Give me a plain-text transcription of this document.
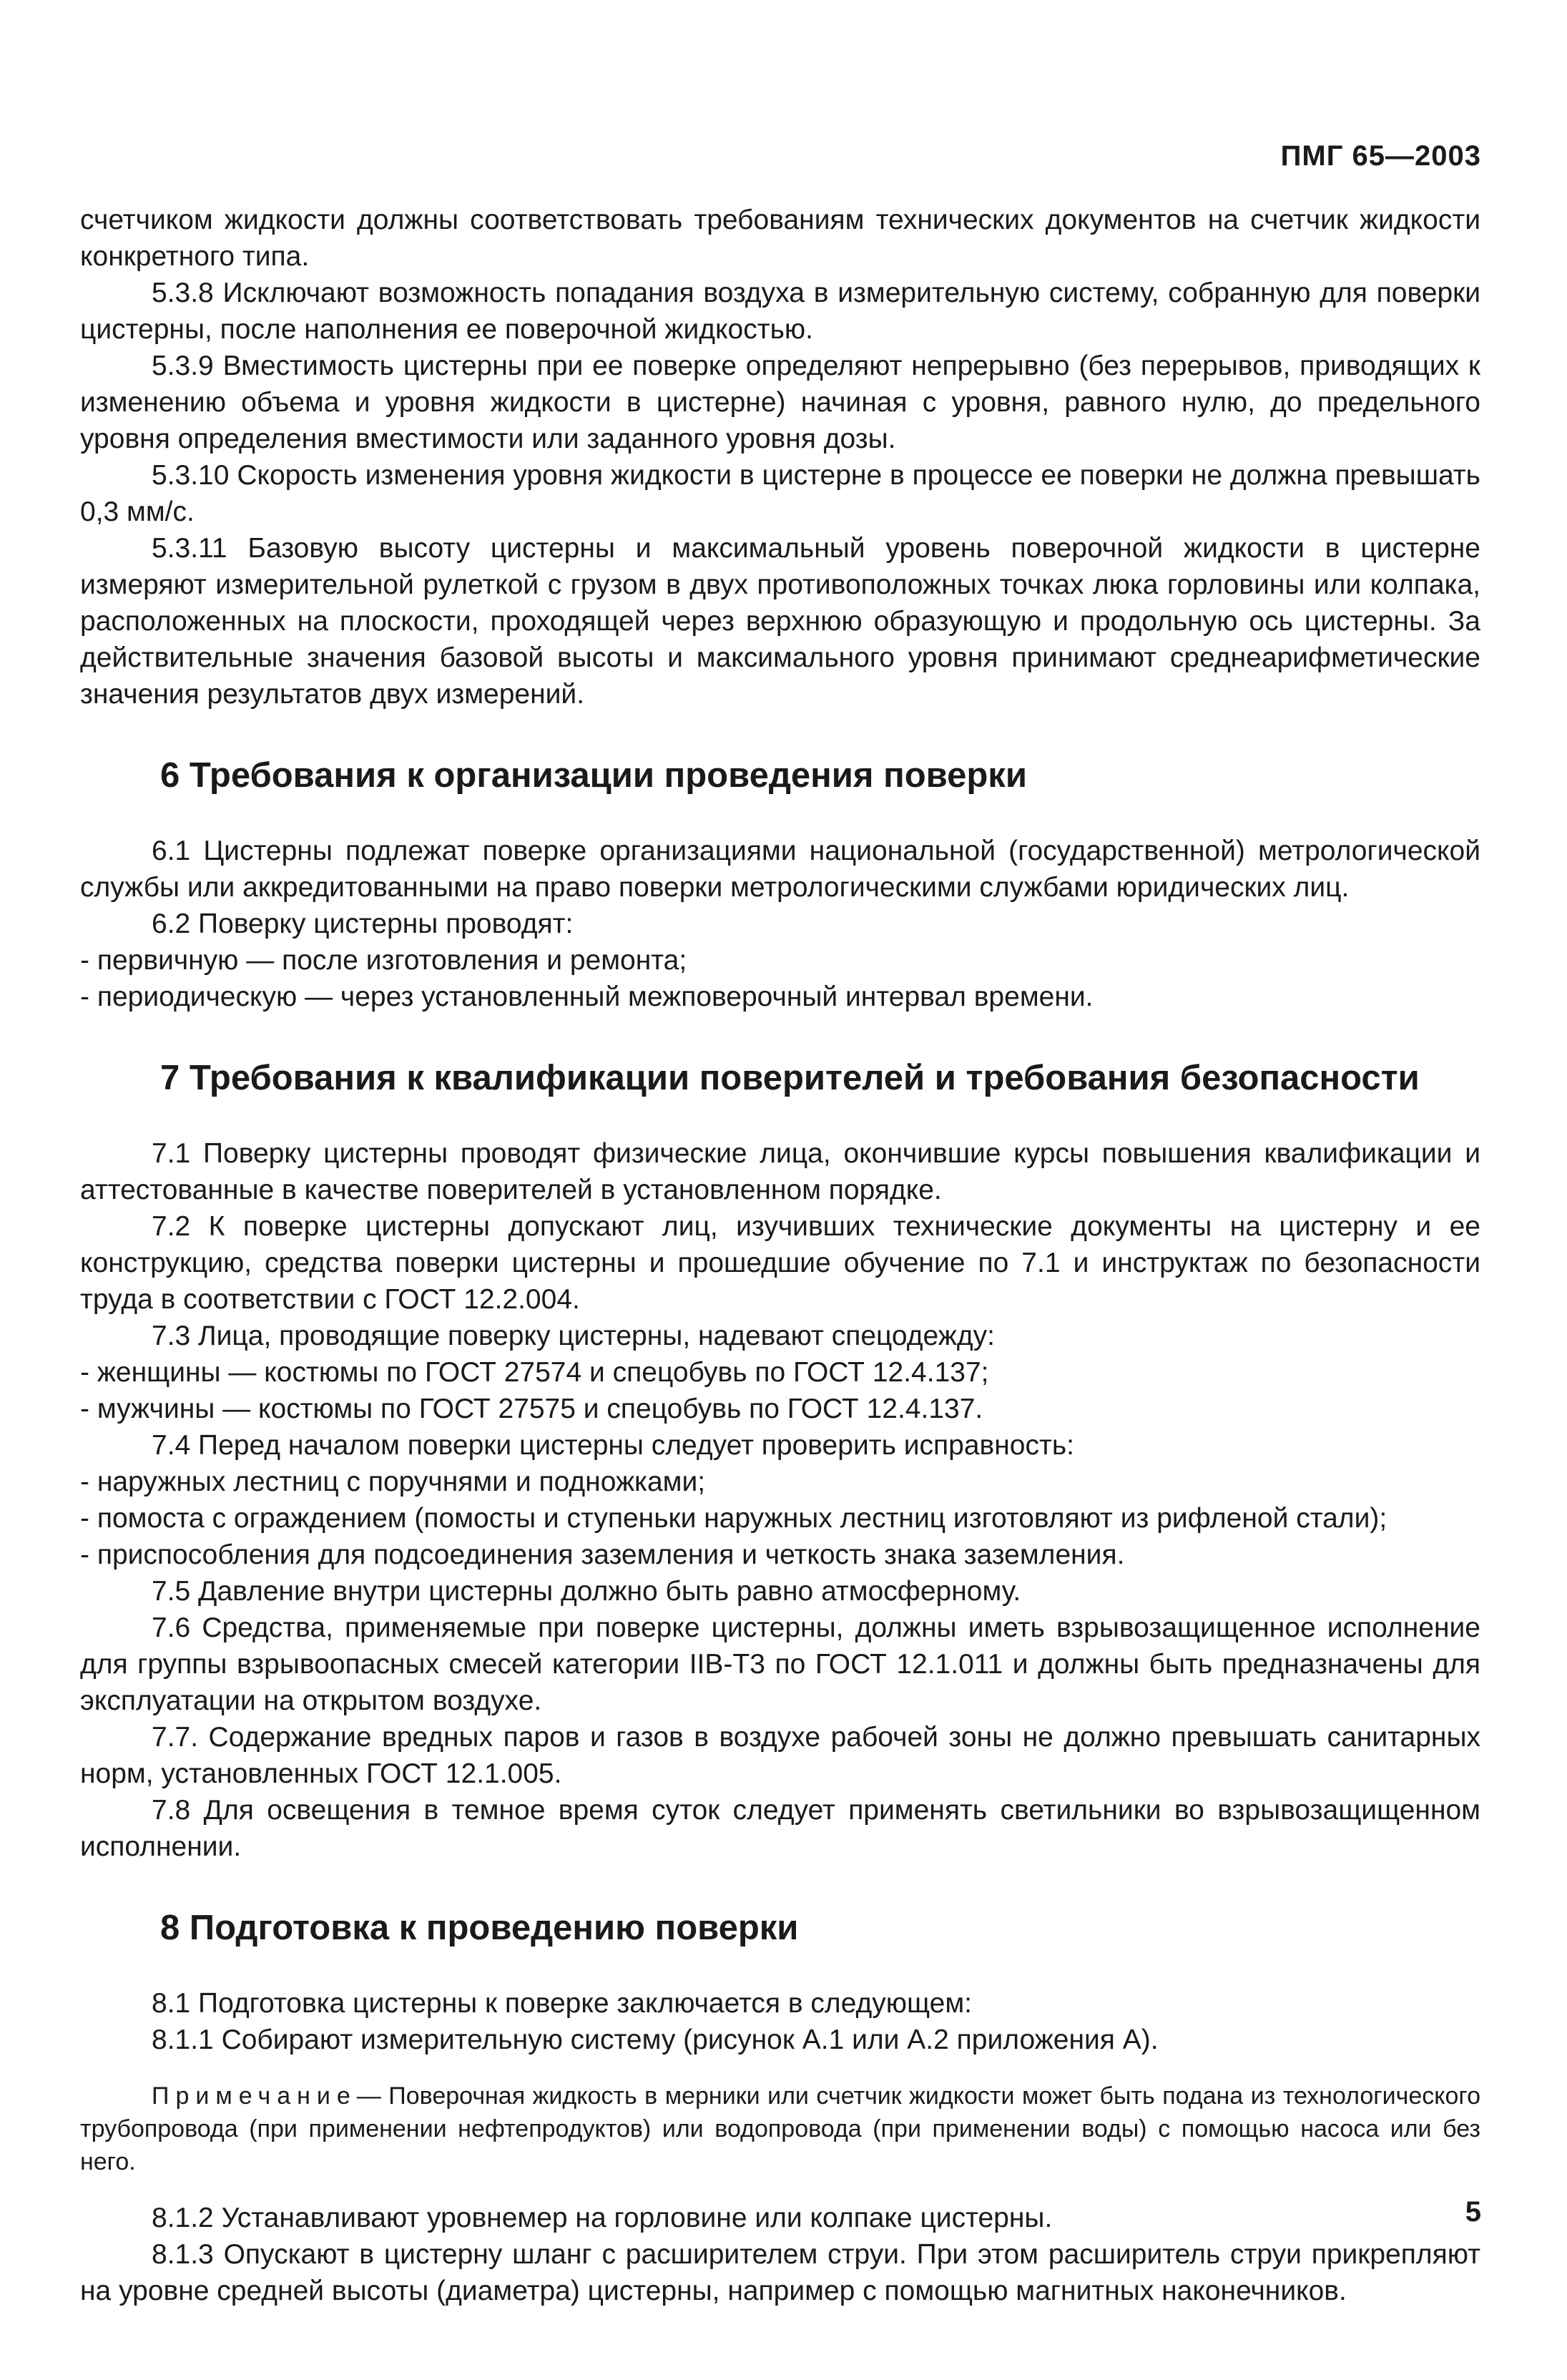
ПМГ 65—2003

счетчиком жидкости должны соответствовать требованиям технических документов на счетчик жидкости конкретного типа.

5.3.8 Исключают возможность попадания воздуха в измерительную систему, собранную для поверки цистерны, после наполнения ее поверочной жидкостью.

5.3.9 Вместимость цистерны при ее поверке определяют непрерывно (без перерывов, приводящих к изменению объема и уровня жидкости в цистерне) начиная с уровня, равного нулю, до предельного уровня определения вместимости или заданного уровня дозы.

5.3.10 Скорость изменения уровня жидкости в цистерне в процессе ее поверки не должна превышать 0,3 мм/с.

5.3.11 Базовую высоту цистерны и максимальный уровень поверочной жидкости в цистерне измеряют измерительной рулеткой с грузом в двух противоположных точках люка горловины или колпака, расположенных на плоскости, проходящей через верхнюю образующую и продольную ось цистерны. За действительные значения базовой высоты и максимального уровня принимают среднеарифметические значения результатов двух измерений.

6 Требования к организации проведения поверки

6.1 Цистерны подлежат поверке организациями национальной (государственной) метрологической службы или аккредитованными на право поверки метрологическими службами юридических лиц.

6.2 Поверку цистерны проводят:

- первичную — после изготовления и ремонта;

- периодическую — через установленный межповерочный интервал времени.

7 Требования к квалификации поверителей и требования безопасности

7.1 Поверку цистерны проводят физические лица, окончившие курсы повышения квалификации и аттестованные в качестве поверителей в установленном порядке.

7.2 К поверке цистерны допускают лиц, изучивших технические документы на цистерну и ее конструкцию, средства поверки цистерны и прошедшие обучение по 7.1 и инструктаж по безопасности труда в соответствии с ГОСТ 12.2.004.

7.3 Лица, проводящие поверку цистерны, надевают спецодежду:

- женщины — костюмы по ГОСТ 27574 и спецобувь по ГОСТ 12.4.137;

- мужчины — костюмы по ГОСТ 27575 и спецобувь по ГОСТ 12.4.137.

7.4 Перед началом поверки цистерны следует проверить исправность:

- наружных лестниц с поручнями и подножками;

- помоста с ограждением (помосты и ступеньки наружных лестниц изготовляют из рифленой стали);

- приспособления для подсоединения заземления и четкость знака заземления.

7.5 Давление внутри цистерны должно быть равно атмосферному.

7.6 Средства, применяемые при поверке цистерны, должны иметь взрывозащищенное исполнение для группы взрывоопасных смесей категории IIВ-Т3 по ГОСТ 12.1.011 и должны быть предназначены для эксплуатации на открытом воздухе.

7.7. Содержание вредных паров и газов в воздухе рабочей зоны не должно превышать санитарных норм, установленных ГОСТ 12.1.005.

7.8 Для освещения в темное время суток следует применять светильники во взрывозащищенном исполнении.

8 Подготовка к проведению поверки

8.1 Подготовка цистерны к поверке заключается в следующем:

8.1.1 Собирают измерительную систему (рисунок А.1 или А.2 приложения А).

Примечание— Поверочная жидкость в мерники или счетчик жидкости может быть подана из технологического трубопровода (при применении нефтепродуктов) или водопровода (при применении воды) с помощью насоса или без него.

8.1.2 Устанавливают уровнемер на горловине или колпаке цистерны.

8.1.3 Опускают в цистерну шланг с расширителем струи. При этом расширитель струи прикрепляют на уровне средней высоты (диаметра) цистерны, например с помощью магнитных наконечников.

5
